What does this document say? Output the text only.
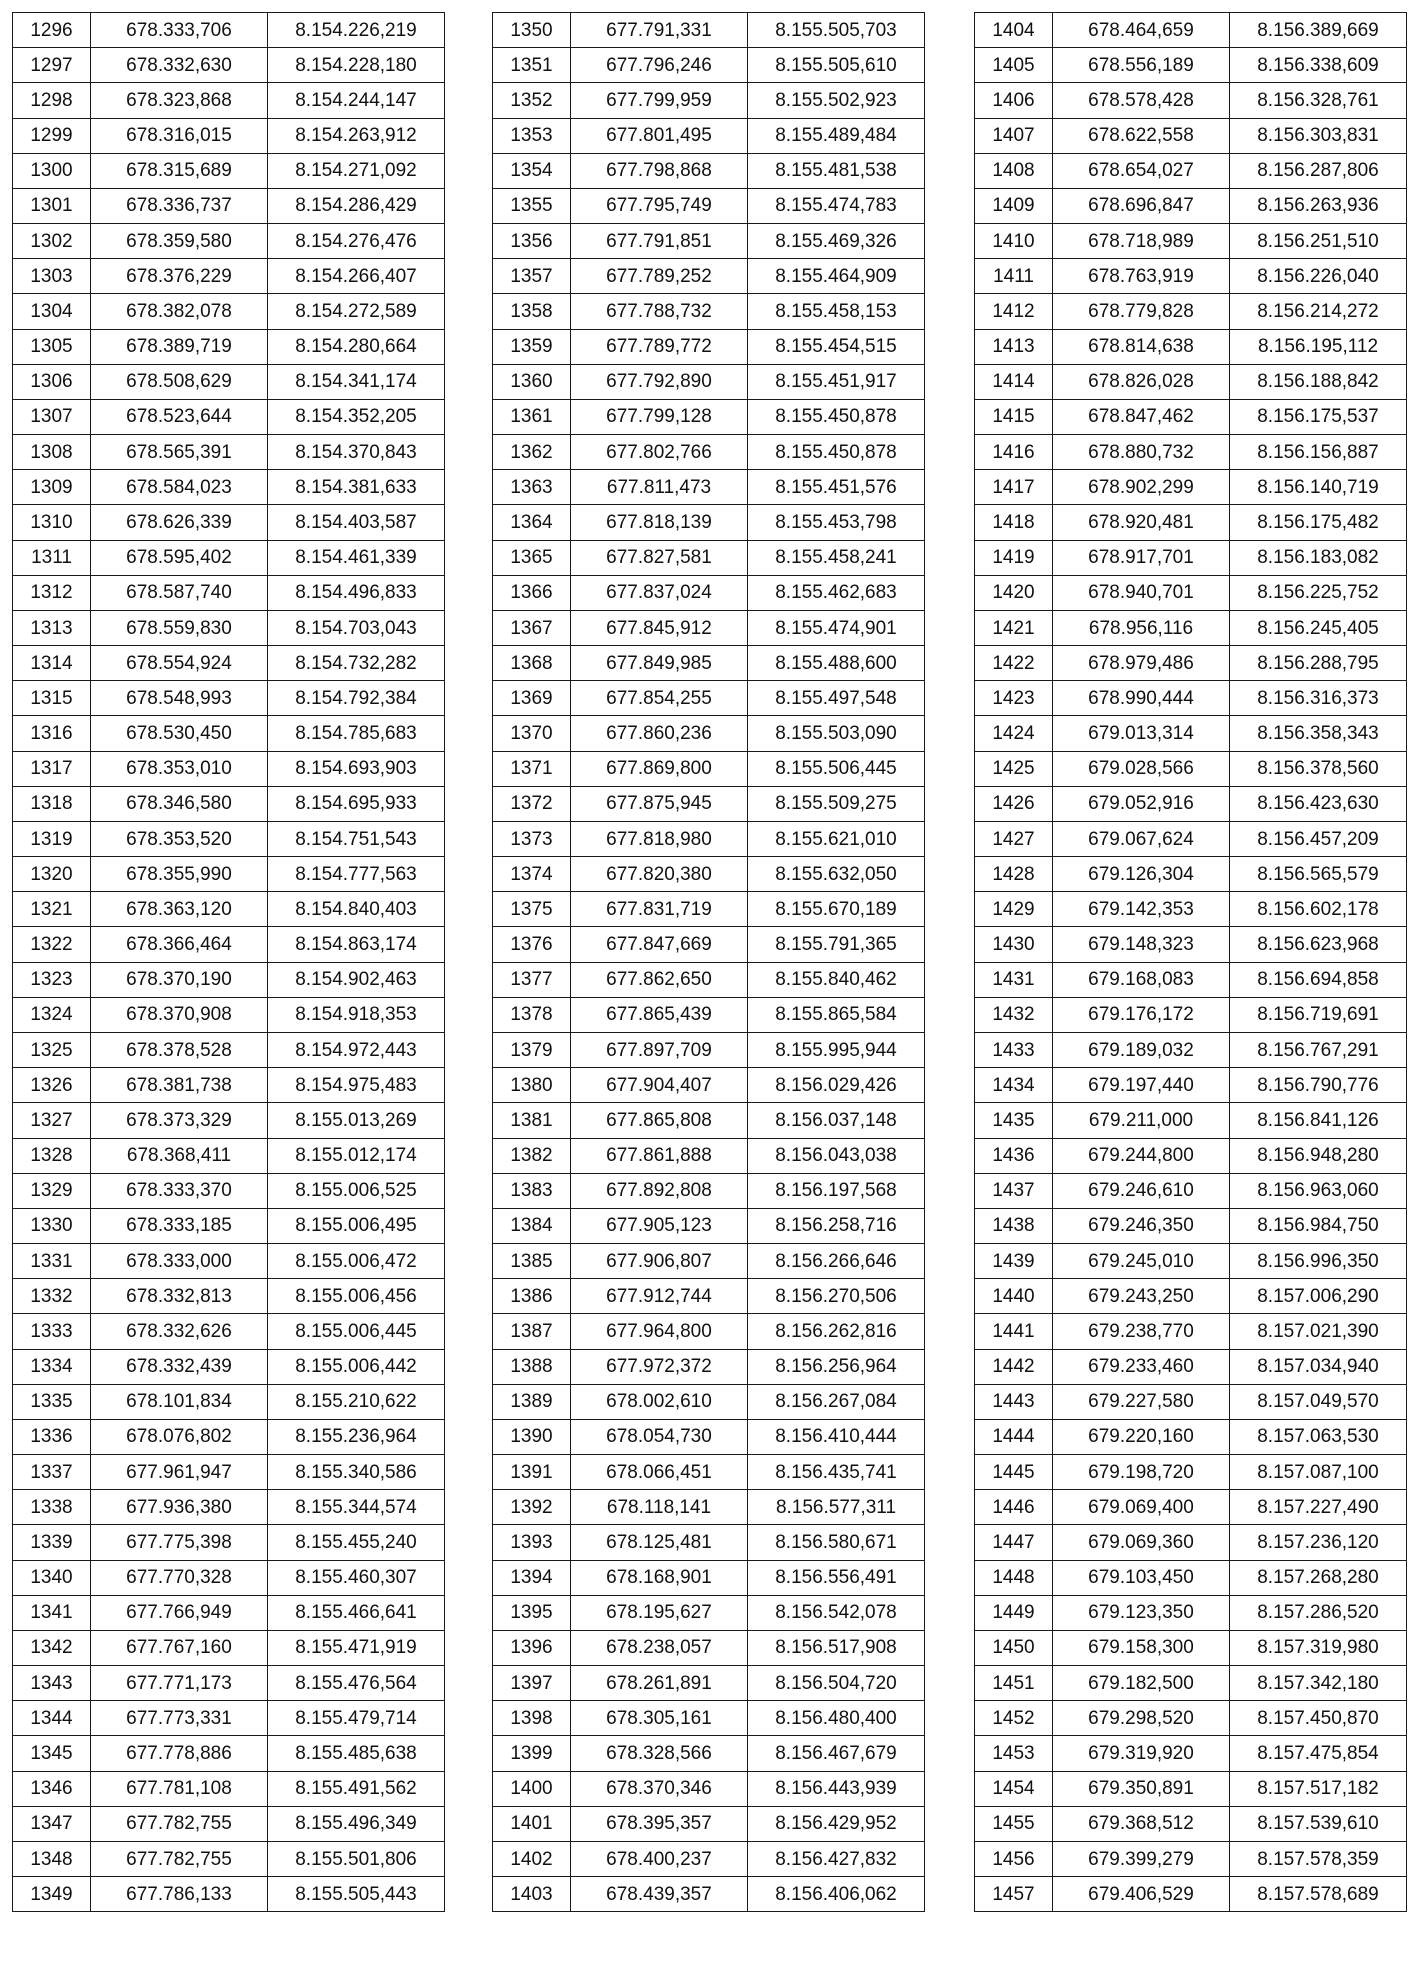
1296	678.333,706	8.154.226,219
1297	678.332,630	8.154.228,180
1298	678.323,868	8.154.244,147
1299	678.316,015	8.154.263,912
1300	678.315,689	8.154.271,092
1301	678.336,737	8.154.286,429
1302	678.359,580	8.154.276,476
1303	678.376,229	8.154.266,407
1304	678.382,078	8.154.272,589
1305	678.389,719	8.154.280,664
1306	678.508,629	8.154.341,174
1307	678.523,644	8.154.352,205
1308	678.565,391	8.154.370,843
1309	678.584,023	8.154.381,633
1310	678.626,339	8.154.403,587
1311	678.595,402	8.154.461,339
1312	678.587,740	8.154.496,833
1313	678.559,830	8.154.703,043
1314	678.554,924	8.154.732,282
1315	678.548,993	8.154.792,384
1316	678.530,450	8.154.785,683
1317	678.353,010	8.154.693,903
1318	678.346,580	8.154.695,933
1319	678.353,520	8.154.751,543
1320	678.355,990	8.154.777,563
1321	678.363,120	8.154.840,403
1322	678.366,464	8.154.863,174
1323	678.370,190	8.154.902,463
1324	678.370,908	8.154.918,353
1325	678.378,528	8.154.972,443
1326	678.381,738	8.154.975,483
1327	678.373,329	8.155.013,269
1328	678.368,411	8.155.012,174
1329	678.333,370	8.155.006,525
1330	678.333,185	8.155.006,495
1331	678.333,000	8.155.006,472
1332	678.332,813	8.155.006,456
1333	678.332,626	8.155.006,445
1334	678.332,439	8.155.006,442
1335	678.101,834	8.155.210,622
1336	678.076,802	8.155.236,964
1337	677.961,947	8.155.340,586
1338	677.936,380	8.155.344,574
1339	677.775,398	8.155.455,240
1340	677.770,328	8.155.460,307
1341	677.766,949	8.155.466,641
1342	677.767,160	8.155.471,919
1343	677.771,173	8.155.476,564
1344	677.773,331	8.155.479,714
1345	677.778,886	8.155.485,638
1346	677.781,108	8.155.491,562
1347	677.782,755	8.155.496,349
1348	677.782,755	8.155.501,806
1349	677.786,133	8.155.505,443
1350	677.791,331	8.155.505,703
1351	677.796,246	8.155.505,610
1352	677.799,959	8.155.502,923
1353	677.801,495	8.155.489,484
1354	677.798,868	8.155.481,538
1355	677.795,749	8.155.474,783
1356	677.791,851	8.155.469,326
1357	677.789,252	8.155.464,909
1358	677.788,732	8.155.458,153
1359	677.789,772	8.155.454,515
1360	677.792,890	8.155.451,917
1361	677.799,128	8.155.450,878
1362	677.802,766	8.155.450,878
1363	677.811,473	8.155.451,576
1364	677.818,139	8.155.453,798
1365	677.827,581	8.155.458,241
1366	677.837,024	8.155.462,683
1367	677.845,912	8.155.474,901
1368	677.849,985	8.155.488,600
1369	677.854,255	8.155.497,548
1370	677.860,236	8.155.503,090
1371	677.869,800	8.155.506,445
1372	677.875,945	8.155.509,275
1373	677.818,980	8.155.621,010
1374	677.820,380	8.155.632,050
1375	677.831,719	8.155.670,189
1376	677.847,669	8.155.791,365
1377	677.862,650	8.155.840,462
1378	677.865,439	8.155.865,584
1379	677.897,709	8.155.995,944
1380	677.904,407	8.156.029,426
1381	677.865,808	8.156.037,148
1382	677.861,888	8.156.043,038
1383	677.892,808	8.156.197,568
1384	677.905,123	8.156.258,716
1385	677.906,807	8.156.266,646
1386	677.912,744	8.156.270,506
1387	677.964,800	8.156.262,816
1388	677.972,372	8.156.256,964
1389	678.002,610	8.156.267,084
1390	678.054,730	8.156.410,444
1391	678.066,451	8.156.435,741
1392	678.118,141	8.156.577,311
1393	678.125,481	8.156.580,671
1394	678.168,901	8.156.556,491
1395	678.195,627	8.156.542,078
1396	678.238,057	8.156.517,908
1397	678.261,891	8.156.504,720
1398	678.305,161	8.156.480,400
1399	678.328,566	8.156.467,679
1400	678.370,346	8.156.443,939
1401	678.395,357	8.156.429,952
1402	678.400,237	8.156.427,832
1403	678.439,357	8.156.406,062
1404	678.464,659	8.156.389,669
1405	678.556,189	8.156.338,609
1406	678.578,428	8.156.328,761
1407	678.622,558	8.156.303,831
1408	678.654,027	8.156.287,806
1409	678.696,847	8.156.263,936
1410	678.718,989	8.156.251,510
1411	678.763,919	8.156.226,040
1412	678.779,828	8.156.214,272
1413	678.814,638	8.156.195,112
1414	678.826,028	8.156.188,842
1415	678.847,462	8.156.175,537
1416	678.880,732	8.156.156,887
1417	678.902,299	8.156.140,719
1418	678.920,481	8.156.175,482
1419	678.917,701	8.156.183,082
1420	678.940,701	8.156.225,752
1421	678.956,116	8.156.245,405
1422	678.979,486	8.156.288,795
1423	678.990,444	8.156.316,373
1424	679.013,314	8.156.358,343
1425	679.028,566	8.156.378,560
1426	679.052,916	8.156.423,630
1427	679.067,624	8.156.457,209
1428	679.126,304	8.156.565,579
1429	679.142,353	8.156.602,178
1430	679.148,323	8.156.623,968
1431	679.168,083	8.156.694,858
1432	679.176,172	8.156.719,691
1433	679.189,032	8.156.767,291
1434	679.197,440	8.156.790,776
1435	679.211,000	8.156.841,126
1436	679.244,800	8.156.948,280
1437	679.246,610	8.156.963,060
1438	679.246,350	8.156.984,750
1439	679.245,010	8.156.996,350
1440	679.243,250	8.157.006,290
1441	679.238,770	8.157.021,390
1442	679.233,460	8.157.034,940
1443	679.227,580	8.157.049,570
1444	679.220,160	8.157.063,530
1445	679.198,720	8.157.087,100
1446	679.069,400	8.157.227,490
1447	679.069,360	8.157.236,120
1448	679.103,450	8.157.268,280
1449	679.123,350	8.157.286,520
1450	679.158,300	8.157.319,980
1451	679.182,500	8.157.342,180
1452	679.298,520	8.157.450,870
1453	679.319,920	8.157.475,854
1454	679.350,891	8.157.517,182
1455	679.368,512	8.157.539,610
1456	679.399,279	8.157.578,359
1457	679.406,529	8.157.578,689
